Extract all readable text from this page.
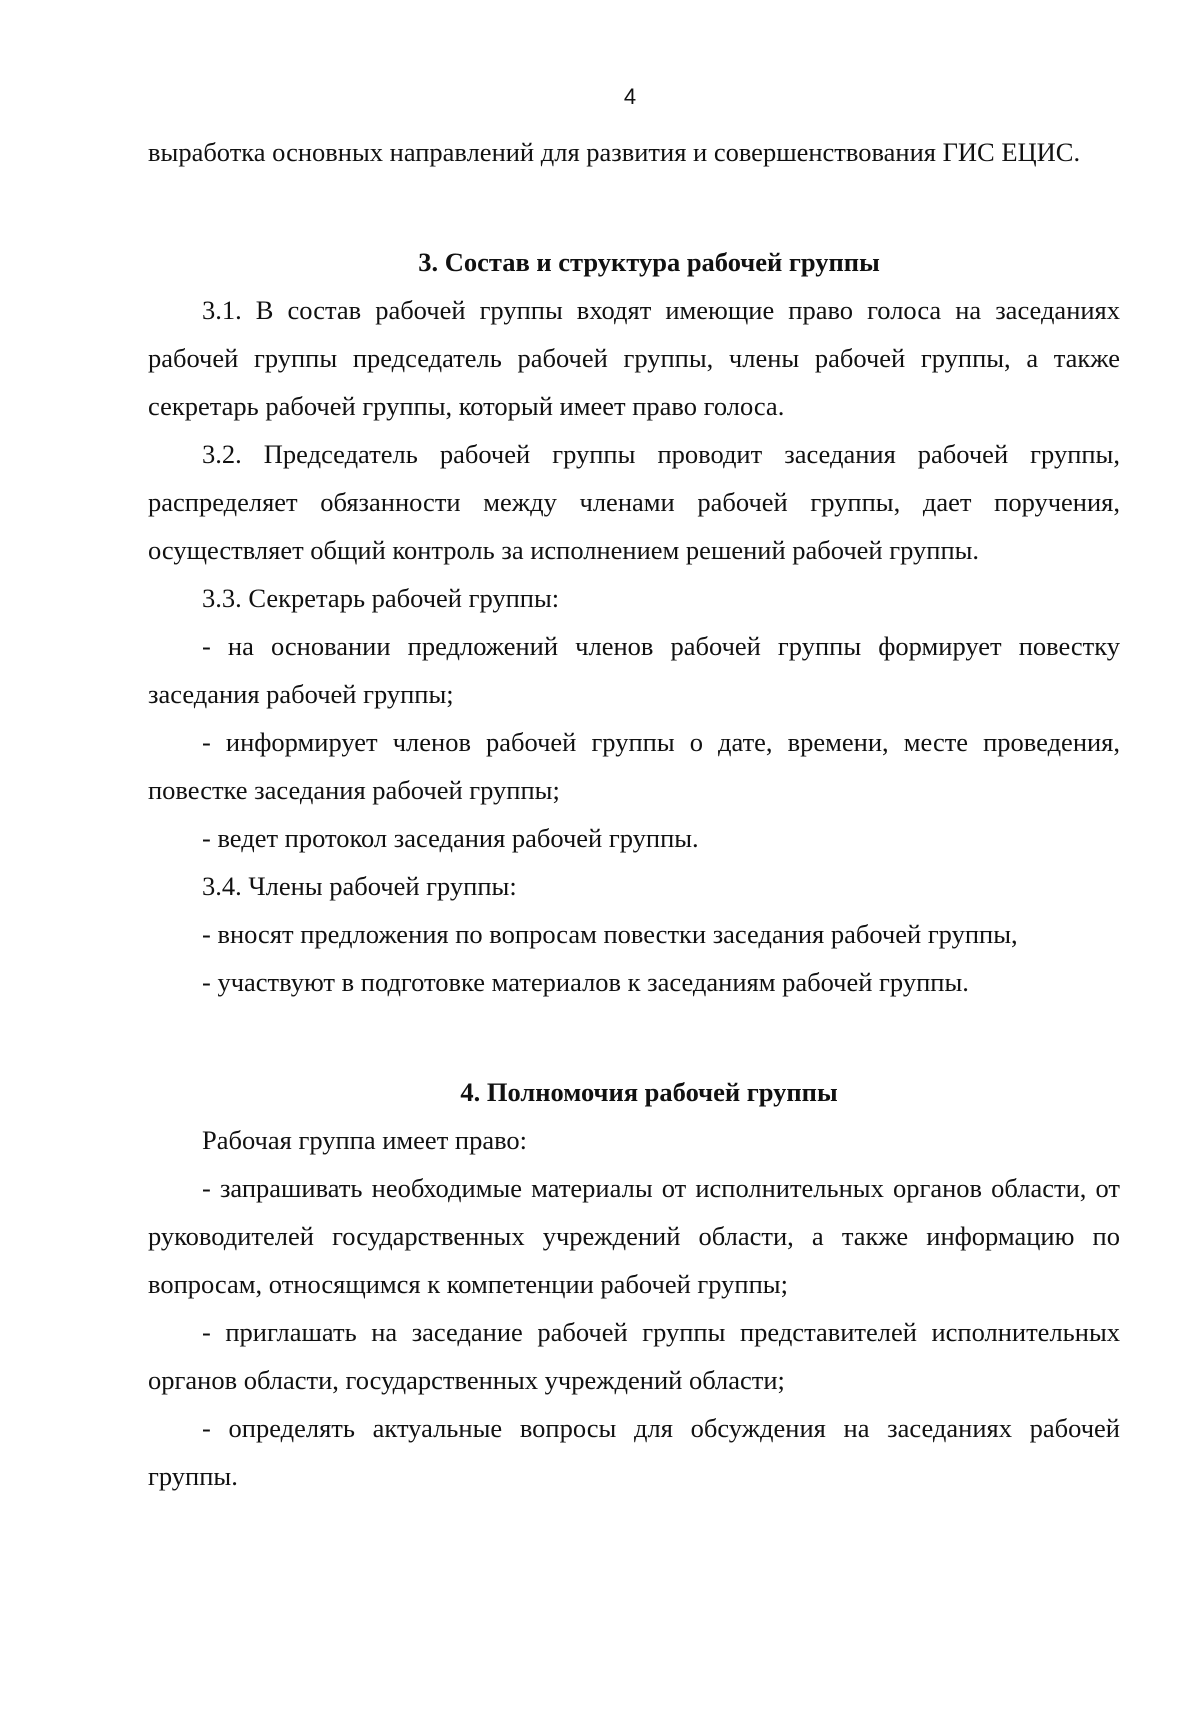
4

выработка основных направлений для развития и совершенствования ГИС ЕЦИС.

3. Состав и структура рабочей группы

3.1. В состав рабочей группы входят имеющие право голоса на заседаниях рабочей группы председатель рабочей группы, члены рабочей группы, а также секретарь рабочей группы, который имеет право голоса.

3.2. Председатель рабочей группы проводит заседания рабочей группы, распределяет обязанности между членами рабочей группы, дает поручения, осуществляет общий контроль за исполнением решений рабочей группы.

3.3. Секретарь рабочей группы:

- на основании предложений членов рабочей группы формирует повестку заседания рабочей группы;

- информирует членов рабочей группы о дате, времени, месте проведения, повестке заседания рабочей группы;

- ведет протокол заседания рабочей группы.

3.4. Члены рабочей группы:

- вносят предложения по вопросам повестки заседания рабочей группы,

- участвуют в подготовке материалов к заседаниям рабочей группы.

4. Полномочия рабочей группы

Рабочая группа имеет право:

- запрашивать необходимые материалы от исполнительных органов области, от руководителей государственных учреждений области, а также информацию по вопросам, относящимся к компетенции рабочей группы;

- приглашать на заседание рабочей группы представителей исполнительных органов области, государственных учреждений области;

- определять актуальные вопросы для обсуждения на заседаниях рабочей группы.
